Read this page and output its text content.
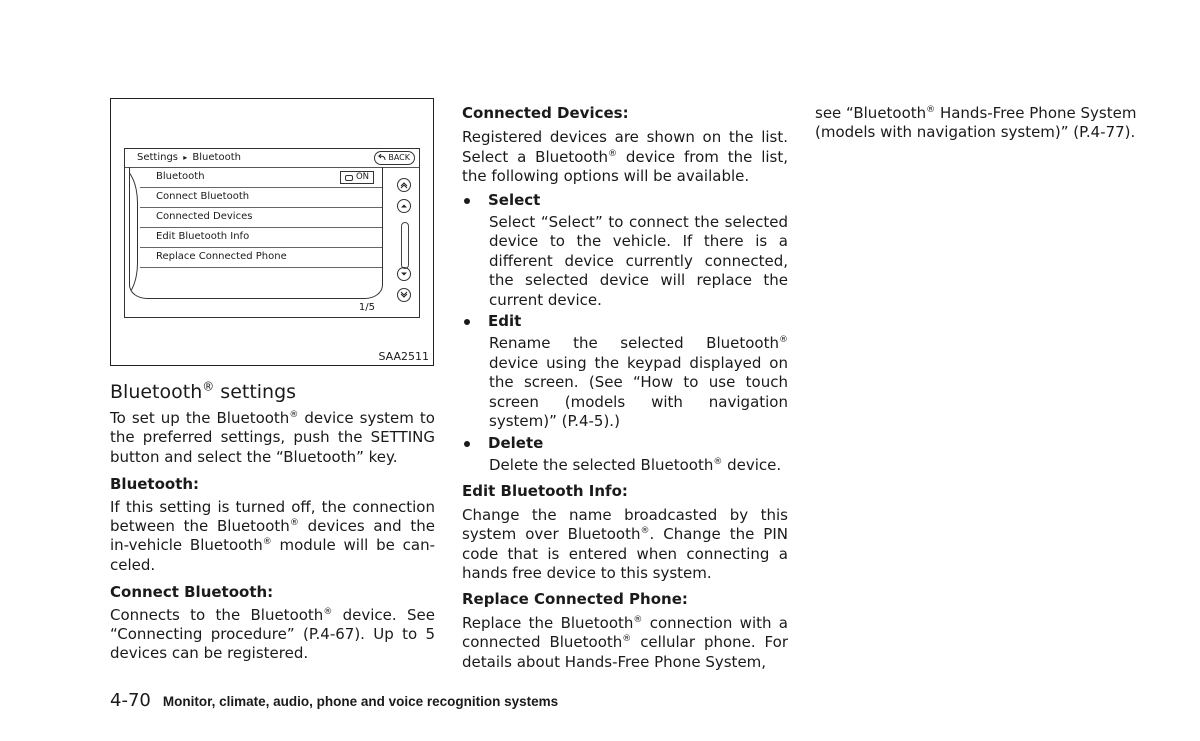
Settings ▸ Bluetooth	BACK
Bluetooth	ON
Connect Bluetooth
Connected Devices
Edit Bluetooth Info
Replace Connected Phone
1/5
SAA2511
Bluetooth® settings

To set up the Bluetooth® device system to the preferred settings, push the SETTING button and select the “Bluetooth” key.

Bluetooth:

If this setting is turned off, the connection between the Bluetooth® devices and the in-vehicle Bluetooth® module will be can-celed.

Connect Bluetooth:

Connects to the Bluetooth® device. See “Connecting procedure” (P.4-67). Up to 5 devices can be registered.

Connected Devices:

Registered devices are shown on the list. Select a Bluetooth® device from the list, the following options will be available.

Select

Select “Select” to connect the selected device to the vehicle. If there is a different device currently connected, the selected device will replace the current device.

Edit

Rename the selected Bluetooth® device using the keypad displayed on the screen. (See “How to use touch screen (models with navigation system)” (P.4-5).)

Delete

Delete the selected Bluetooth® device.

Edit Bluetooth Info:

Change the name broadcasted by this system over Bluetooth®. Change the PIN code that is entered when connecting a hands free device to this system.

Replace Connected Phone:

Replace the Bluetooth® connection with a connected Bluetooth® cellular phone. For details about Hands-Free Phone System,

see “Bluetooth® Hands-Free Phone System (models with navigation system)” (P.4-77).

4-70 Monitor, climate, audio, phone and voice recognition systems
